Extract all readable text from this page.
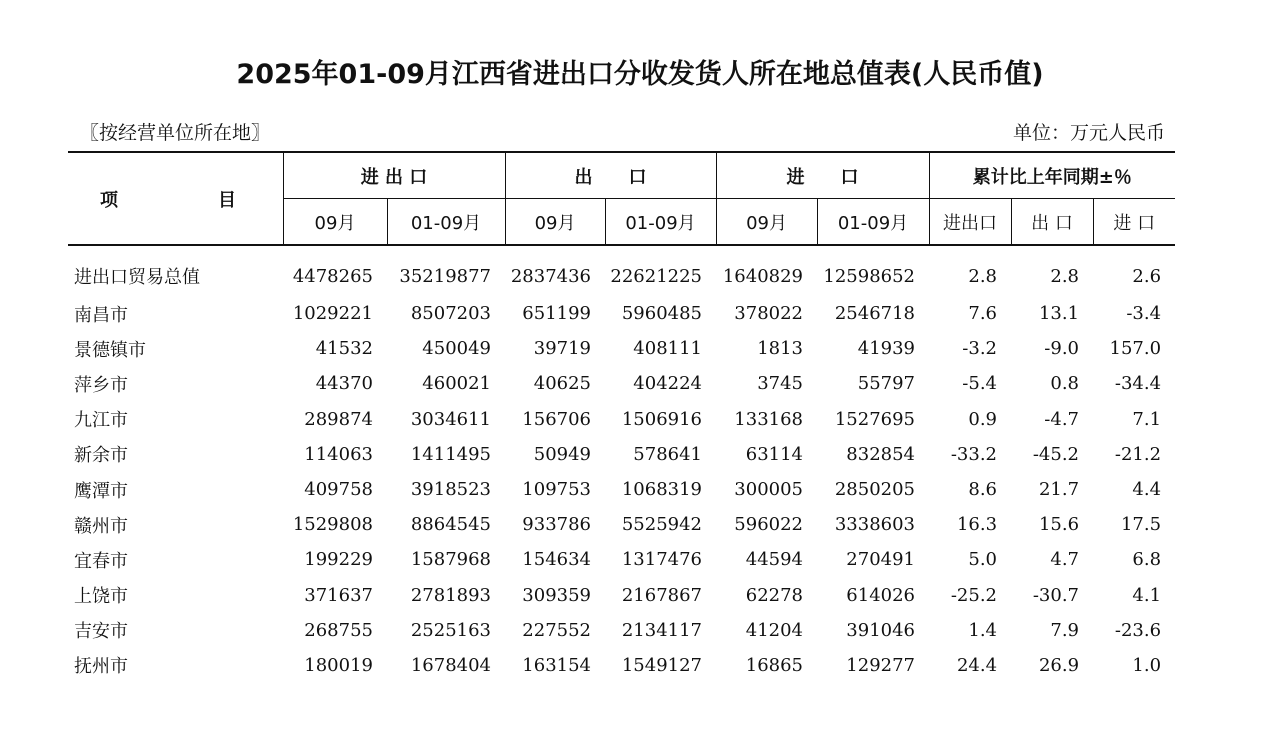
2025年01-09月江西省进出口分收发货人所在地总值表(人民币值)
〖按经营单位所在地〗	单位：万元人民币
项 目	进 出 口		出　　口		进　　口		累计比上年同期±％		
	09月	01-09月	09月	01-09月	09月	01-09月	进出口	出 口	进 口
进出口贸易总值	4478265	35219877	2837436	22621225	1640829	12598652	2.8	2.8	2.6
南昌市	1029221	8507203	651199	5960485	378022	2546718	7.6	13.1	-3.4
景德镇市	41532	450049	39719	408111	1813	41939	-3.2	-9.0	157.0
萍乡市	44370	460021	40625	404224	3745	55797	-5.4	0.8	-34.4
九江市	289874	3034611	156706	1506916	133168	1527695	0.9	-4.7	7.1
新余市	114063	1411495	50949	578641	63114	832854	-33.2	-45.2	-21.2
鹰潭市	409758	3918523	109753	1068319	300005	2850205	8.6	21.7	4.4
赣州市	1529808	8864545	933786	5525942	596022	3338603	16.3	15.6	17.5
宜春市	199229	1587968	154634	1317476	44594	270491	5.0	4.7	6.8
上饶市	371637	2781893	309359	2167867	62278	614026	-25.2	-30.7	4.1
吉安市	268755	2525163	227552	2134117	41204	391046	1.4	7.9	-23.6
抚州市	180019	1678404	163154	1549127	16865	129277	24.4	26.9	1.0
